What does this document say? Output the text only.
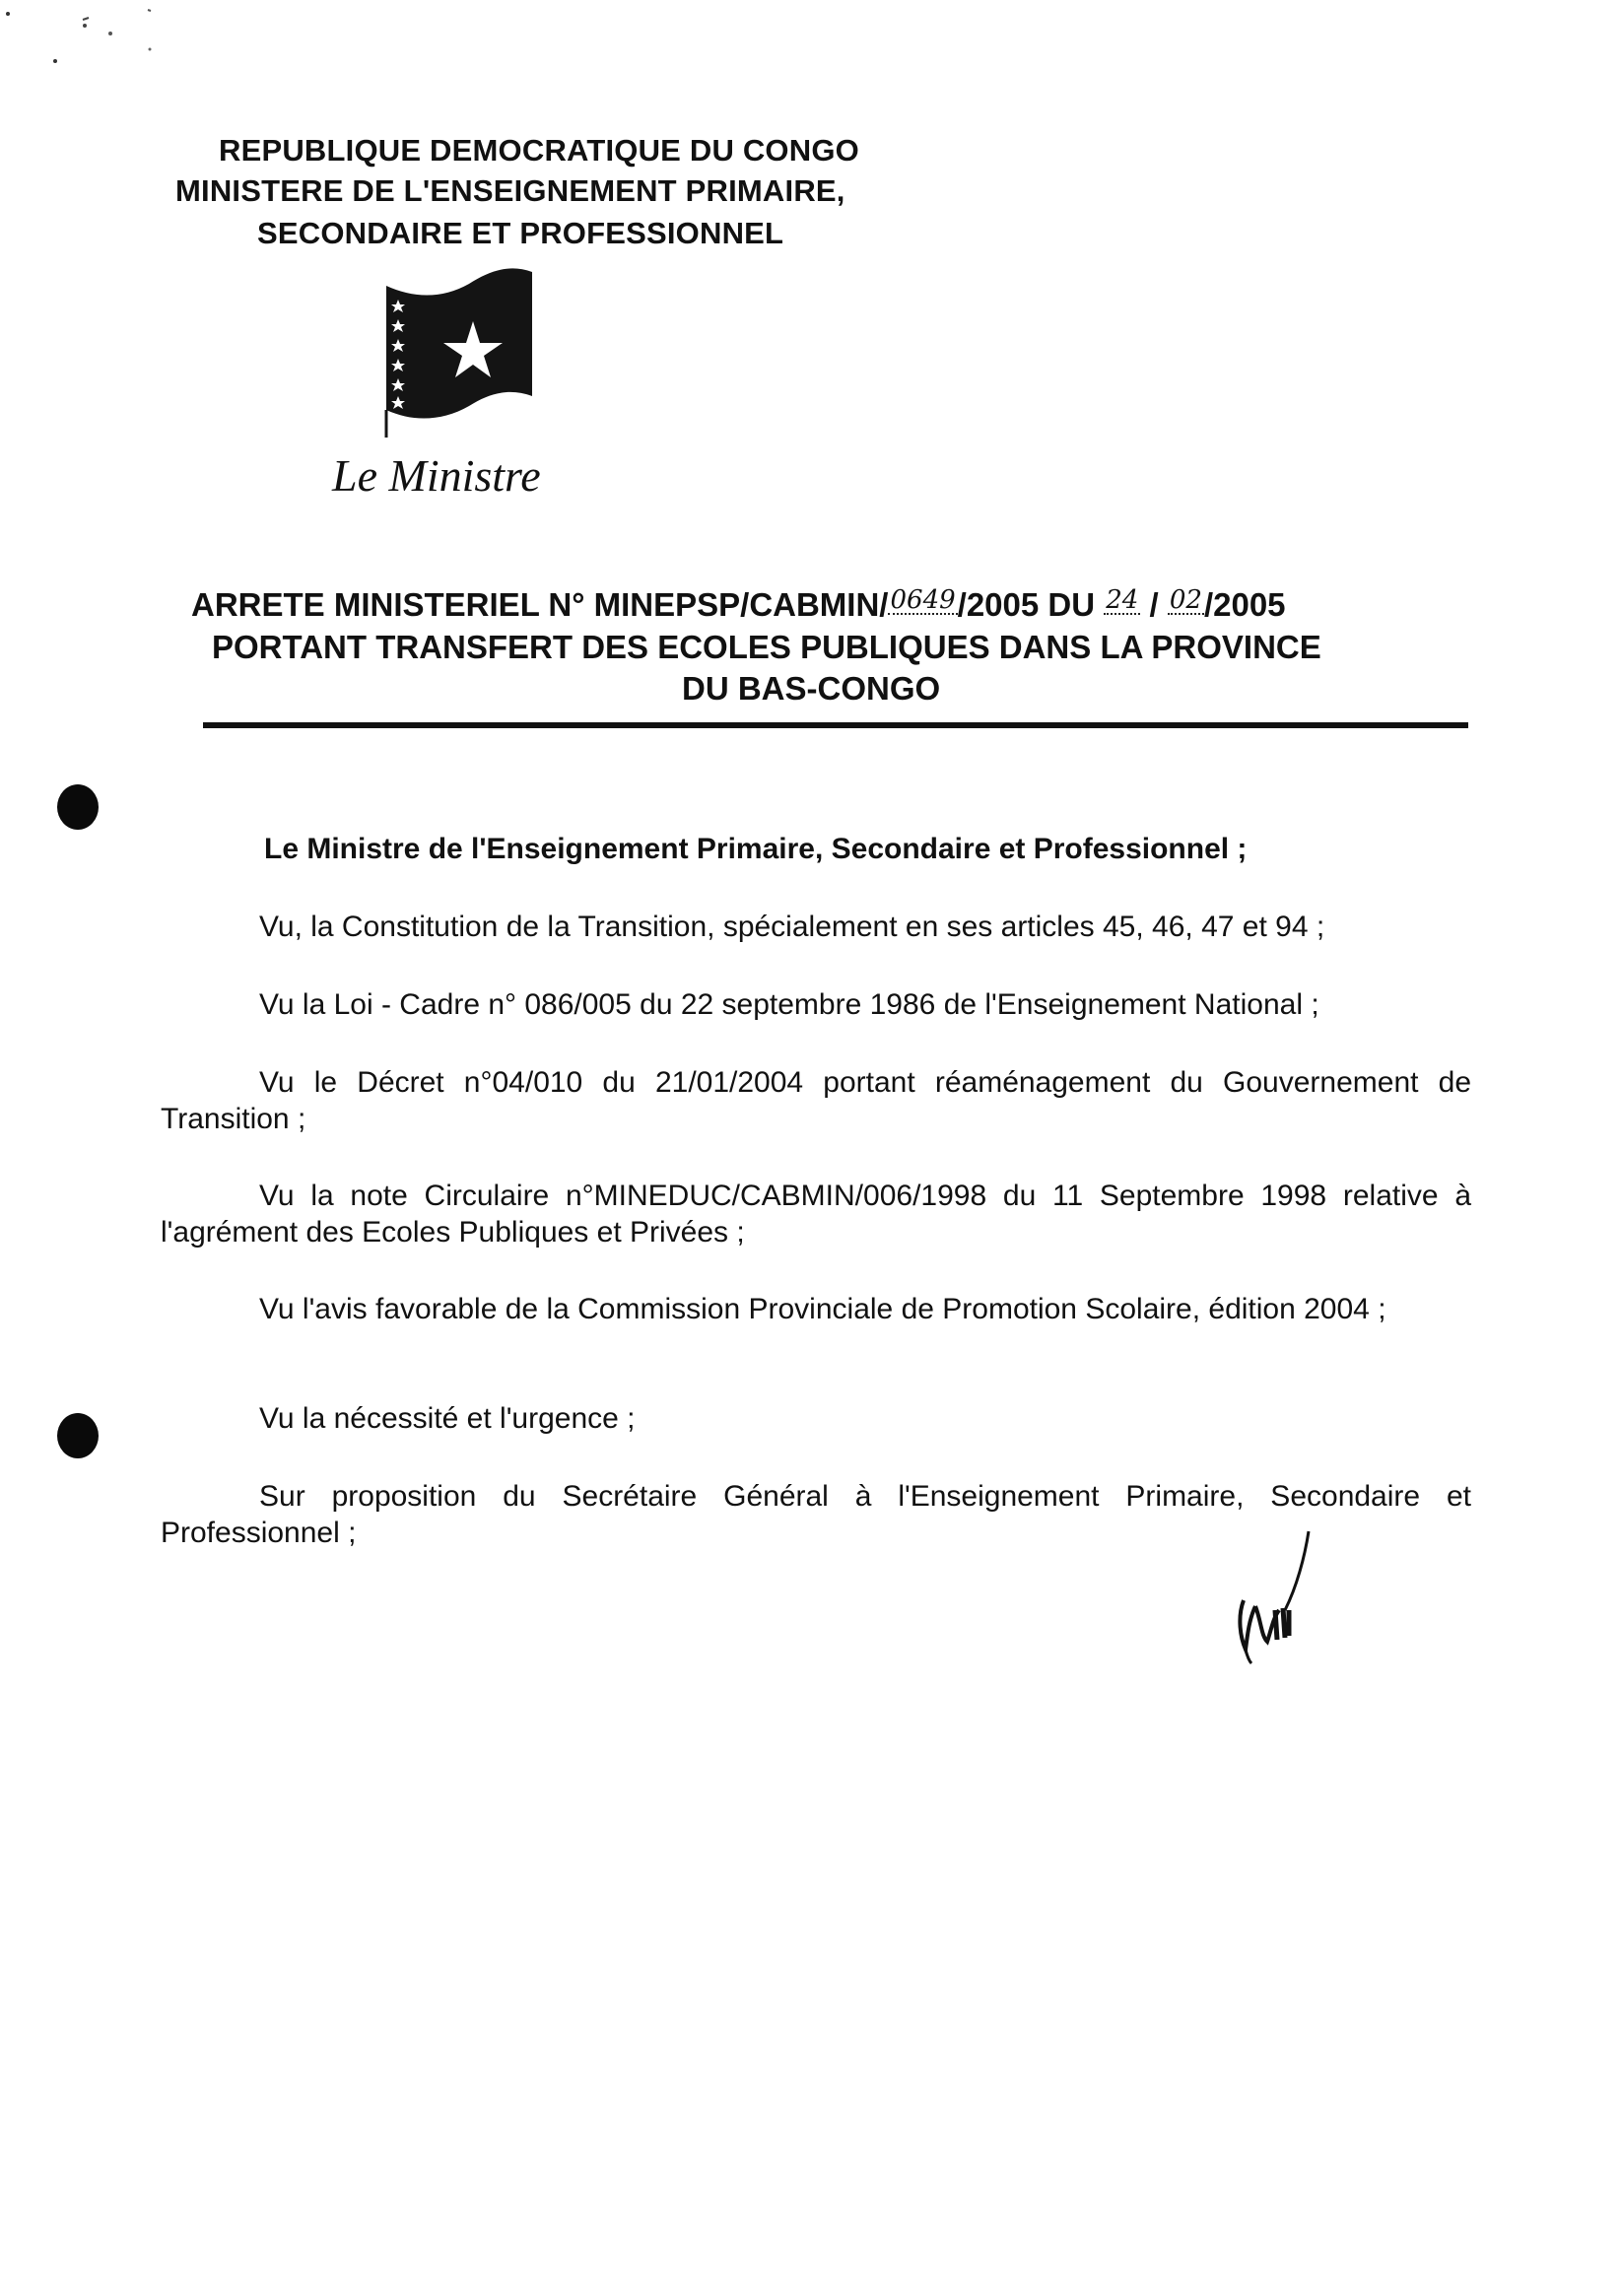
REPUBLIQUE DEMOCRATIQUE DU CONGO
MINISTERE DE L'ENSEIGNEMENT PRIMAIRE,
SECONDAIRE ET PROFESSIONNEL
Le Ministre
ARRETE MINISTERIEL N° MINEPSP/CABMIN/0649/2005 DU 24 / 02/2005
PORTANT TRANSFERT DES ECOLES PUBLIQUES DANS LA PROVINCE
DU BAS-CONGO
Le Ministre de l'Enseignement Primaire, Secondaire et Professionnel ;
Vu, la Constitution de la Transition, spécialement en ses articles 45, 46, 47 et 94 ;
Vu la Loi - Cadre n° 086/005 du 22 septembre 1986 de l'Enseignement National ;

Vu le Décret n°04/010 du 21/01/2004 portant réaménagement du Gouvernement de Transition ;

Vu la note Circulaire n°MINEDUC/CABMIN/006/1998 du 11 Septembre 1998 relative à l'agrément des Ecoles Publiques et Privées ;

Vu l'avis favorable de la Commission Provinciale de Promotion Scolaire, édition 2004 ;

Vu la nécessité et l'urgence ;

Sur proposition du Secrétaire Général à l'Enseignement Primaire, Secondaire et Professionnel ;
